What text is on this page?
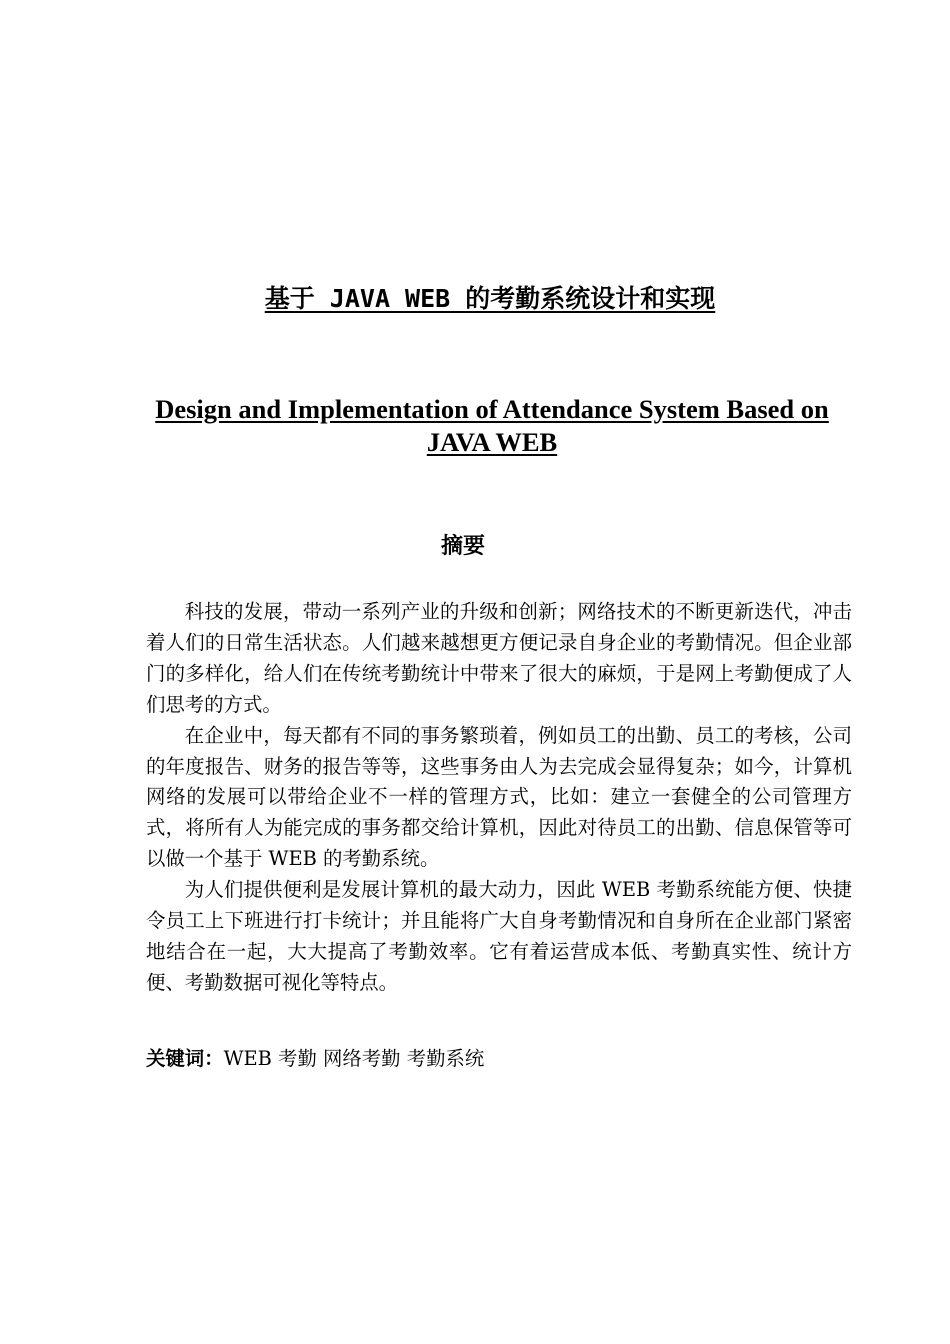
基于 JAVA WEB 的考勤系统设计和实现
Design and Implementation of Attendance System Based on JAVA WEB
摘要

科技的发展，带动一系列产业的升级和创新；网络技术的不断更新迭代，冲击着人们的日常生活状态。人们越来越想更方便记录自身企业的考勤情况。但企业部门的多样化，给人们在传统考勤统计中带来了很大的麻烦，于是网上考勤便成了人们思考的方式。

在企业中，每天都有不同的事务繁琐着，例如员工的出勤、员工的考核，公司的年度报告、财务的报告等等，这些事务由人为去完成会显得复杂；如今，计算机网络的发展可以带给企业不一样的管理方式，比如：建立一套健全的公司管理方式，将所有人为能完成的事务都交给计算机，因此对待员工的出勤、信息保管等可以做一个基于 WEB 的考勤系统。

为人们提供便利是发展计算机的最大动力，因此 WEB 考勤系统能方便、快捷令员工上下班进行打卡统计；并且能将广大自身考勤情况和自身所在企业部门紧密地结合在一起，大大提高了考勤效率。它有着运营成本低、考勤真实性、统计方便、考勤数据可视化等特点。

关键词：WEB 考勤 网络考勤 考勤系统
